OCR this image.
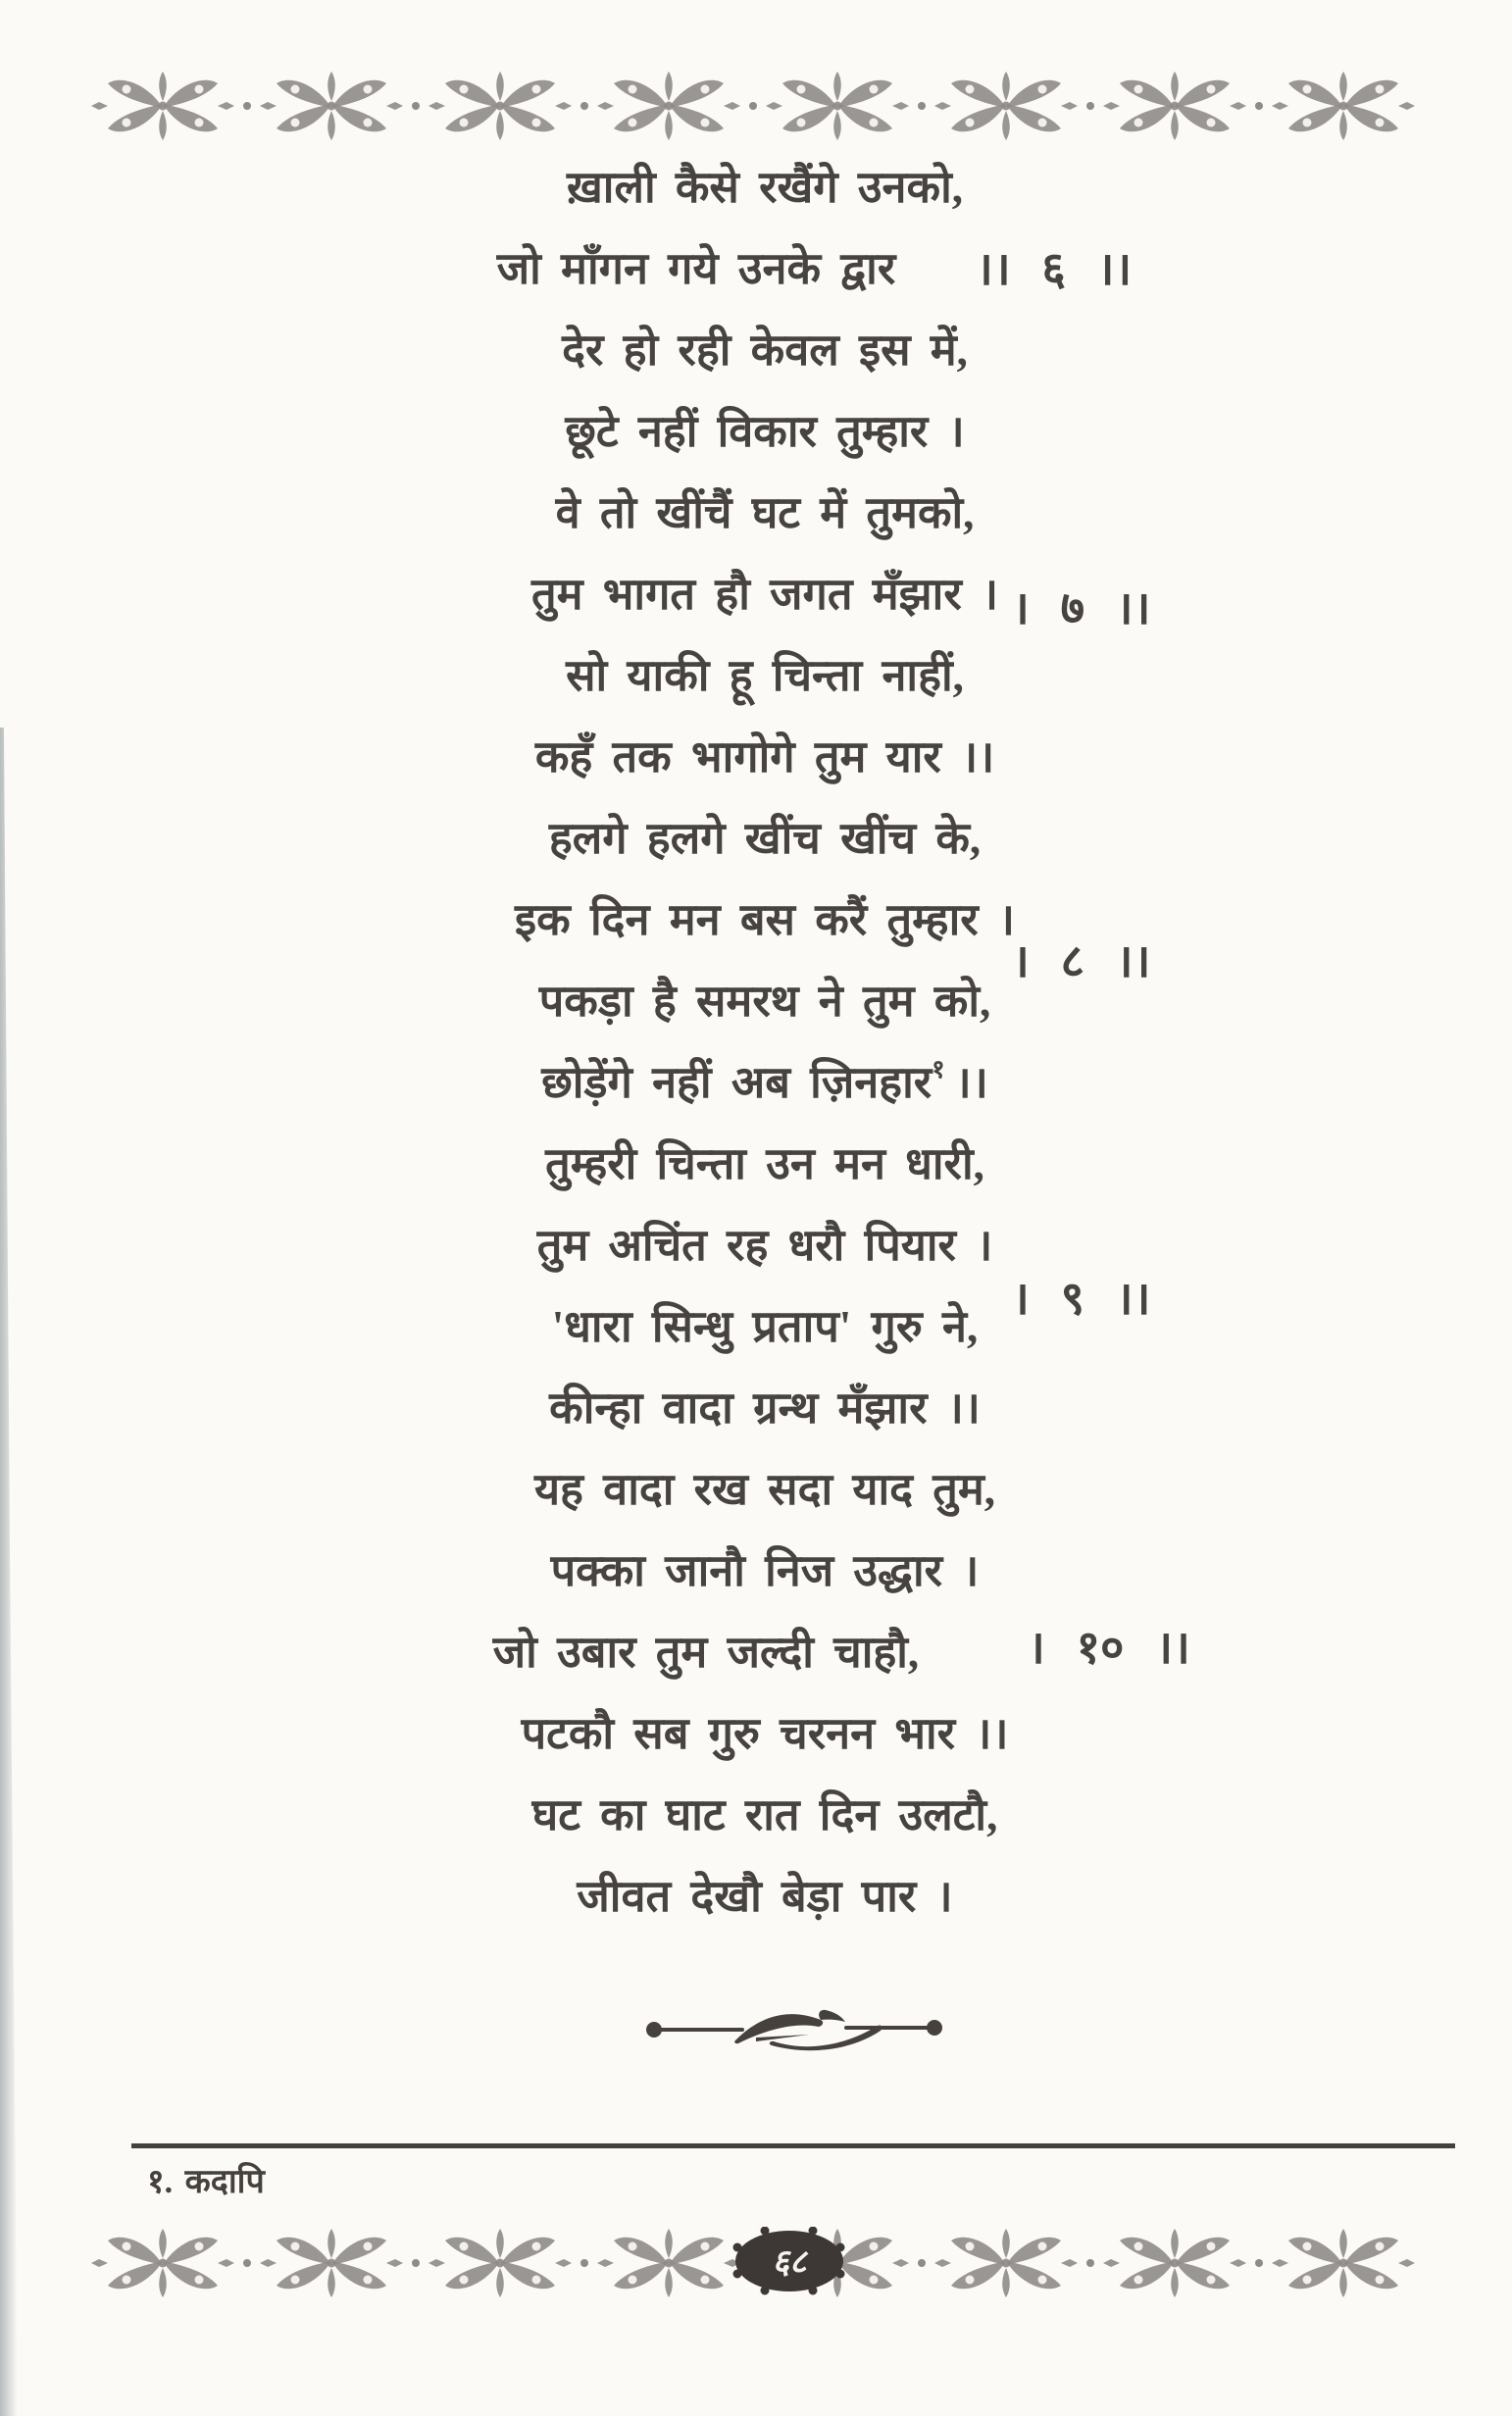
ख़ाली कैसे रखैंगे उनको,
जो माँगन गये उनके द्वार
देर हो रही केवल इस में,
छूटे नहीं विकार तुम्हार ।
वे तो खींचैं घट में तुमको,
तुम भागत हौ जगत मँझार ।
सो याकी हू चिन्ता नाहीं,
कहँ तक भागोगे तुम यार ।।
हलगे हलगे खींच खींच के,
इक दिन मन बस करैं तुम्हार ।
पकड़ा है समरथ ने तुम को,
छोड़ेंगे नहीं अब ज़िनहार$^१$ ।।
तुम्हरी चिन्ता उन मन धारी,
तुम अचिंत रह धरौ पियार ।
'धारा सिन्धु प्रताप' गुरु ने,
कीन्हा वादा ग्रन्थ मँझार ।।
यह वादा रख सदा याद तुम,
पक्का जानौ निज उद्धार ।
जो उबार तुम जल्दी चाहौ,
पटकौ सब गुरु चरनन भार ।।
घट का घाट रात दिन उलटौ,
जीवत देखौ बेड़ा पार ।
।। ६ ।।
। ७ ।।
। ८ ।।
। ९ ।।
। १० ।।
१. कदापि
६८
